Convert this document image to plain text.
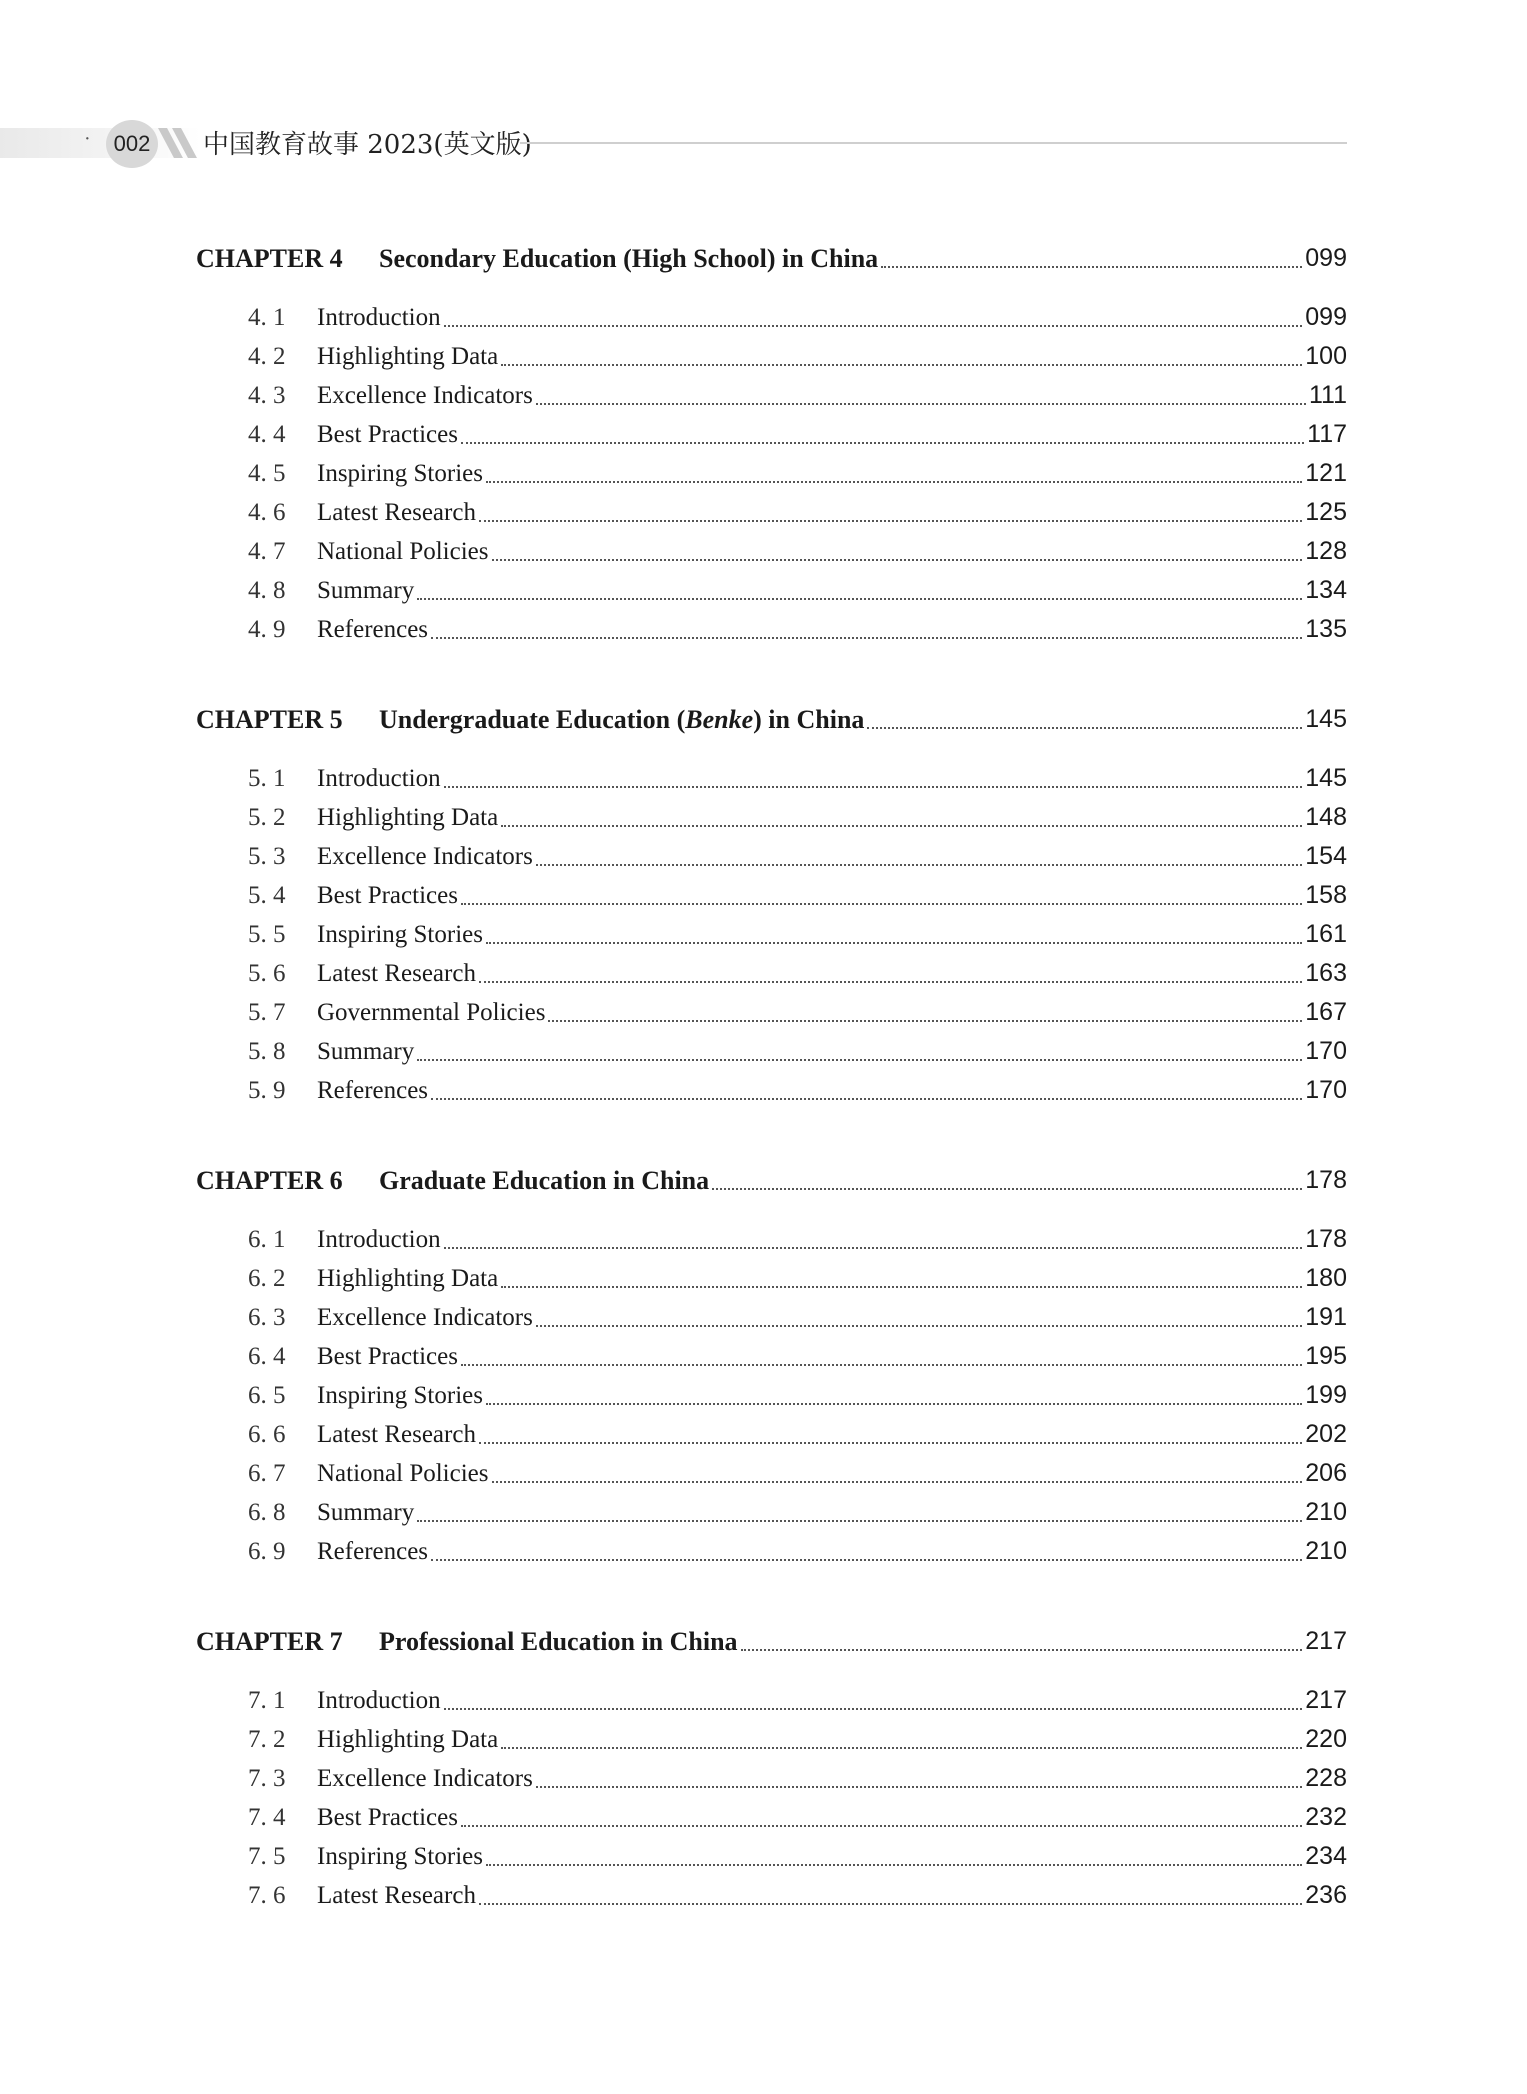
·	002 中国教育故事 2023(英文版)
CHAPTER 4	Secondary Education (High School) in China	099
4. 1	Introduction	099
4. 2	Highlighting Data	100
4. 3	Excellence Indicators	111
4. 4	Best Practices	117
4. 5	Inspiring Stories	121
4. 6	Latest Research	125
4. 7	National Policies	128
4. 8	Summary	134
4. 9	References	135
CHAPTER 5	Undergraduate Education (Benke) in China	145
5. 1	Introduction	145
5. 2	Highlighting Data	148
5. 3	Excellence Indicators	154
5. 4	Best Practices	158
5. 5	Inspiring Stories	161
5. 6	Latest Research	163
5. 7	Governmental Policies	167
5. 8	Summary	170
5. 9	References	170
CHAPTER 6	Graduate Education in China	178
6. 1	Introduction	178
6. 2	Highlighting Data	180
6. 3	Excellence Indicators	191
6. 4	Best Practices	195
6. 5	Inspiring Stories	199
6. 6	Latest Research	202
6. 7	National Policies	206
6. 8	Summary	210
6. 9	References	210
CHAPTER 7	Professional Education in China	217
7. 1	Introduction	217
7. 2	Highlighting Data	220
7. 3	Excellence Indicators	228
7. 4	Best Practices	232
7. 5	Inspiring Stories	234
7. 6	Latest Research	236
